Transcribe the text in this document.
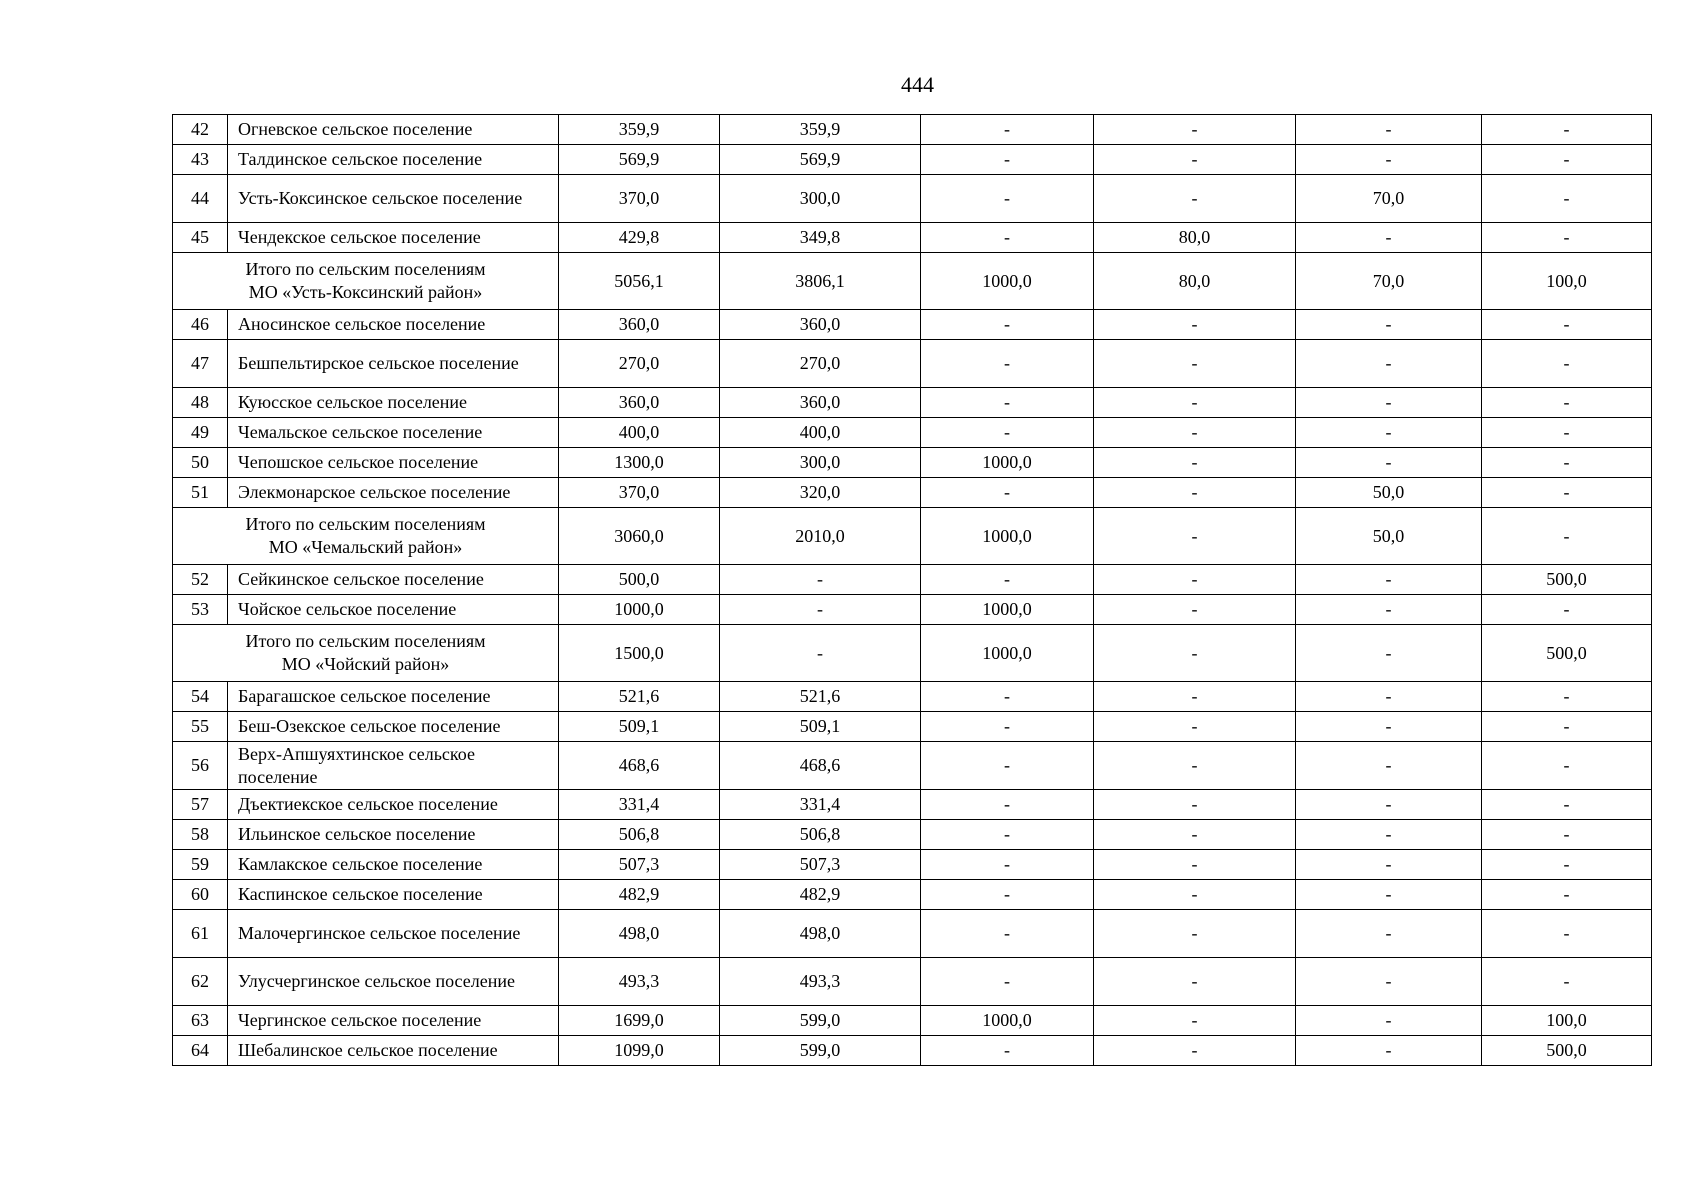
444
42	Огневское сельское поселение	359,9	359,9	-	-	-	-
43	Талдинское сельское поселение	569,9	569,9	-	-	-	-
44	Усть-Коксинское сельское поселение	370,0	300,0	-	-	70,0	-
45	Чендекское сельское поселение	429,8	349,8	-	80,0	-	-

Итого по сельским поселениям
МО «Усть-Коксинский район»		5056,1	3806,1	1000,0	80,0	70,0	100,0
46	Аносинское сельское поселение	360,0	360,0	-	-	-	-
47	Бешпельтирское сельское поселение	270,0	270,0	-	-	-	-
48	Куюсское сельское поселение	360,0	360,0	-	-	-	-
49	Чемальское сельское поселение	400,0	400,0	-	-	-	-
50	Чепошское сельское поселение	1300,0	300,0	1000,0	-	-	-
51	Элекмонарское сельское поселение	370,0	320,0	-	-	50,0	-

Итого по сельским поселениям
МО «Чемальский район»		3060,0	2010,0	1000,0	-	50,0	-
52	Сейкинское сельское поселение	500,0	-	-	-	-	500,0
53	Чойское сельское поселение	1000,0	-	1000,0	-	-	-

Итого по сельским поселениям
МО «Чойский район»		1500,0	-	1000,0	-	-	500,0
54	Барагашское сельское поселение	521,6	521,6	-	-	-	-
55	Беш-Озекское сельское поселение	509,1	509,1	-	-	-	-
56	Верх-Апшуяхтинское сельское поселение	468,6	468,6	-	-	-	-
57	Дъектиекское сельское поселение	331,4	331,4	-	-	-	-
58	Ильинское сельское поселение	506,8	506,8	-	-	-	-
59	Камлакское сельское поселение	507,3	507,3	-	-	-	-
60	Каспинское сельское поселение	482,9	482,9	-	-	-	-
61	Малочергинское сельское поселение	498,0	498,0	-	-	-	-
62	Улусчергинское сельское поселение	493,3	493,3	-	-	-	-
63	Чергинское сельское поселение	1699,0	599,0	1000,0	-	-	100,0
64	Шебалинское сельское поселение	1099,0	599,0	-	-	-	500,0
